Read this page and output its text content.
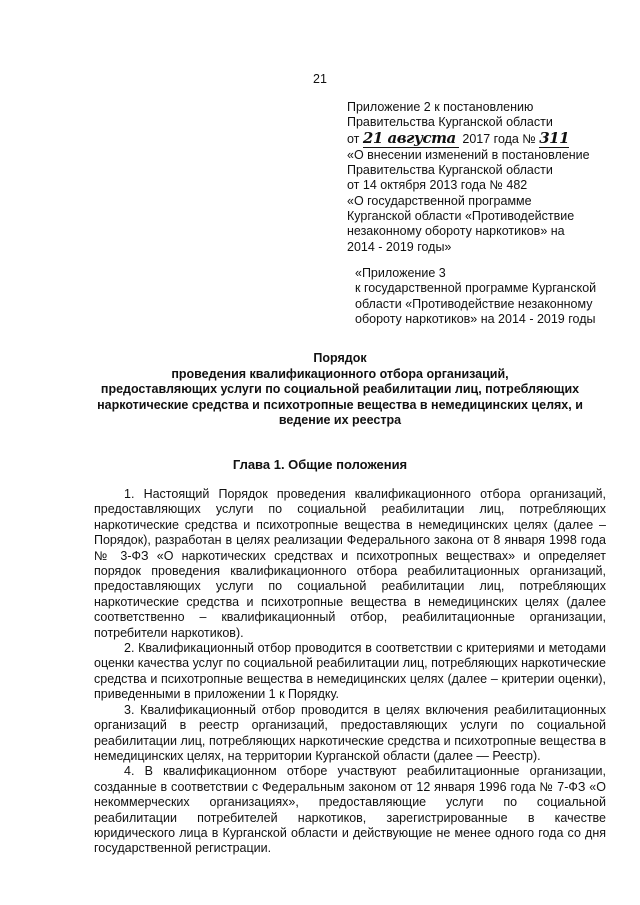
21
Приложение 2 к постановлению
Правительства Курганской области
от 21 августа 2017 года № 311
«О внесении изменений в постановление
Правительства Курганской области
от 14 октября 2013 года № 482
«О государственной программе
Курганской области «Противодействие
незаконному обороту наркотиков» на
2014 - 2019 годы»
«Приложение 3
к государственной программе Курганской
области «Противодействие незаконному
обороту наркотиков» на 2014 - 2019 годы
Порядок
проведения квалификационного отбора организаций,
предоставляющих услуги по социальной реабилитации лиц, потребляющих
наркотические средства и психотропные вещества в немедицинских целях, и
ведение их реестра
Глава 1. Общие положения

1. Настоящий Порядок проведения квалификационного отбора организаций, предоставляющих услуги по социальной реабилитации лиц, потребляющих наркотические средства и психотропные вещества в немедицинских целях (далее – Порядок), разработан в целях реализации Федерального закона от 8 января 1998 года № 3-ФЗ «О наркотических средствах и психотропных веществах» и определяет порядок проведения квалификационного отбора реабилитационных организаций, предоставляющих услуги по социальной реабилитации лиц, потребляющих наркотические средства и психотропные вещества в немедицинских целях (далее соответственно – квалификационный отбор, реабилитационные организации, потребители наркотиков).

2. Квалификационный отбор проводится в соответствии с критериями и методами оценки качества услуг по социальной реабилитации лиц, потребляющих наркотические средства и психотропные вещества в немедицинских целях (далее – критерии оценки), приведенными в приложении 1 к Порядку.

3. Квалификационный отбор проводится в целях включения реабилитационных организаций в реестр организаций, предоставляющих услуги по социальной реабилитации лиц, потребляющих наркотические средства и психотропные вещества в немедицинских целях, на территории Курганской области (далее — Реестр).

4. В квалификационном отборе участвуют реабилитационные организации, созданные в соответствии с Федеральным законом от 12 января 1996 года № 7-ФЗ «О некоммерческих организациях», предоставляющие услуги по социальной реабилитации потребителей наркотиков, зарегистрированные в качестве юридического лица в Курганской области и действующие не менее одного года со дня государственной регистрации.
